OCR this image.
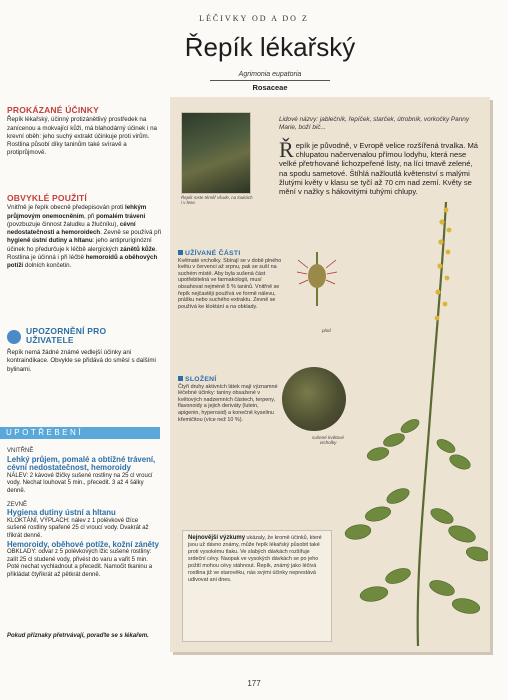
LÉČIVKY OD A DO Z
Řepík lékařský
Agrimonia eupatoria
Rosaceae
PROKÁZANÉ ÚČINKY

Řepík lékařský, účinný protizánětlivý prostředek na zanícenou a mokvající kůži, má blahodárný účinek i na krevní oběh: jeho suchý extrakt účinkuje proti virům. Rostlina působí díky taninům také svíravě a protiprůjmově.

OBVYKLÉ POUŽITÍ

Vnitřně je řepík obecně předepisován proti lehkým průjmovým onemocněním, při pomalém trávení (povzbuzuje činnost žaludku a žlučníku), cévní nedostatečnosti a hemoroidech. Zevně se používá při hygieně ústní dutiny a hltanu: jeho antipruriginózní účinek ho předurčuje k léčbě alergických zánětů kůže. Rostlina je účinná i při léčbě hemoroidů a oběhových potíží dolních končetin.

UPOZORNĚNÍ PRO UŽIVATELE

Řepík nemá žádné známé vedlejší účinky ani kontraindikace. Obvykle se přidává do směsí s dalšími bylinami.

UPOTŘEBENÍ
VNITŘNĚ
Lehký průjem, pomalé a obtížné trávení, cévní nedostatečnost, hemoroidy

NÁLEV: 2 kávové lžičky sušené rostliny na 25 cl vroucí vody. Nechat louhovat 5 min., přecedit. 3 až 4 šálky denně.

ZEVNĚ
Hygiena dutiny ústní a hltanu

KLOKTÁNÍ, VÝPLACH: nálev z 1 polévkové lžíce sušené rostliny spařené 25 cl vroucí vody. Dvakrát až třikrát denně.

Hemoroidy, oběhové potíže, kožní záněty

OBKLADY: odvar z 5 polévkových lžic sušené rostliny: zalít 25 cl studené vody, přivést do varu a vařit 5 min. Poté nechat vychladnout a přecedit. Namočit tkaninu a přikládat čtyřikrát až pětkrát denně.

Pokud příznaky přetrvávají, poraďte se s lékařem.
Řepík roste téměř všude, na loukách i v lese.
Lidové názvy: jablečník, řepíček, starček, útrobník, vorkočky Panny Marie, boží bič...
Řepík je původně, v Evropě velice rozšířená trvalka. Má chlupatou načervenalou přímou lodyhu, která nese velké přetrhované lichozpeřené listy, na líci tmavě zelené, na spodu sametové. Štíhlá nažloutlá květenství s malými žlutými květy v klasu se tyčí až 70 cm nad zemí. Květy se mění v nažky s hákovitými tuhými chlupy.
UŽÍVANÉ ČÁSTI

Květnaté vrcholky. Sbírají se v době plného květu v červenci až srpnu, pak se suší na suchém místě. Aby byla sušená část upotřebitelná ve farmakologii, musí obsahovat nejméně 5 % taninů. Vnitřně se řepík nejčastěji používá ve formě nálevu, prášku nebo suchého extraktu. Zevně se používá ke kloktání a na obklady.

SLOŽENÍ

Čtyři druhy aktivních látek mají významné léčebné účinky: taniny obsažené v květových nadzemních částech, terpeny, flavonoidy a jejich deriváty (lutein, apigenin, hyperosid) a konečně kyselinu křemičitou (více než 10 %).

plod
sušené květové vrcholky
Nejnovější výzkumy ukázaly, že kromě účinků, které jsou už dávno známy, může řepík lékařský působit také proti vysokému tlaku. Ve slabých dávkách rozšiřuje srdeční cévy. Naopak ve vysokých dávkách se po jeho požití mohou cévy stáhnout. Řepík, známý jako léčivá rostlina již ve starověku, nás svými účinky neprestává udivovat ani dnes.
177
